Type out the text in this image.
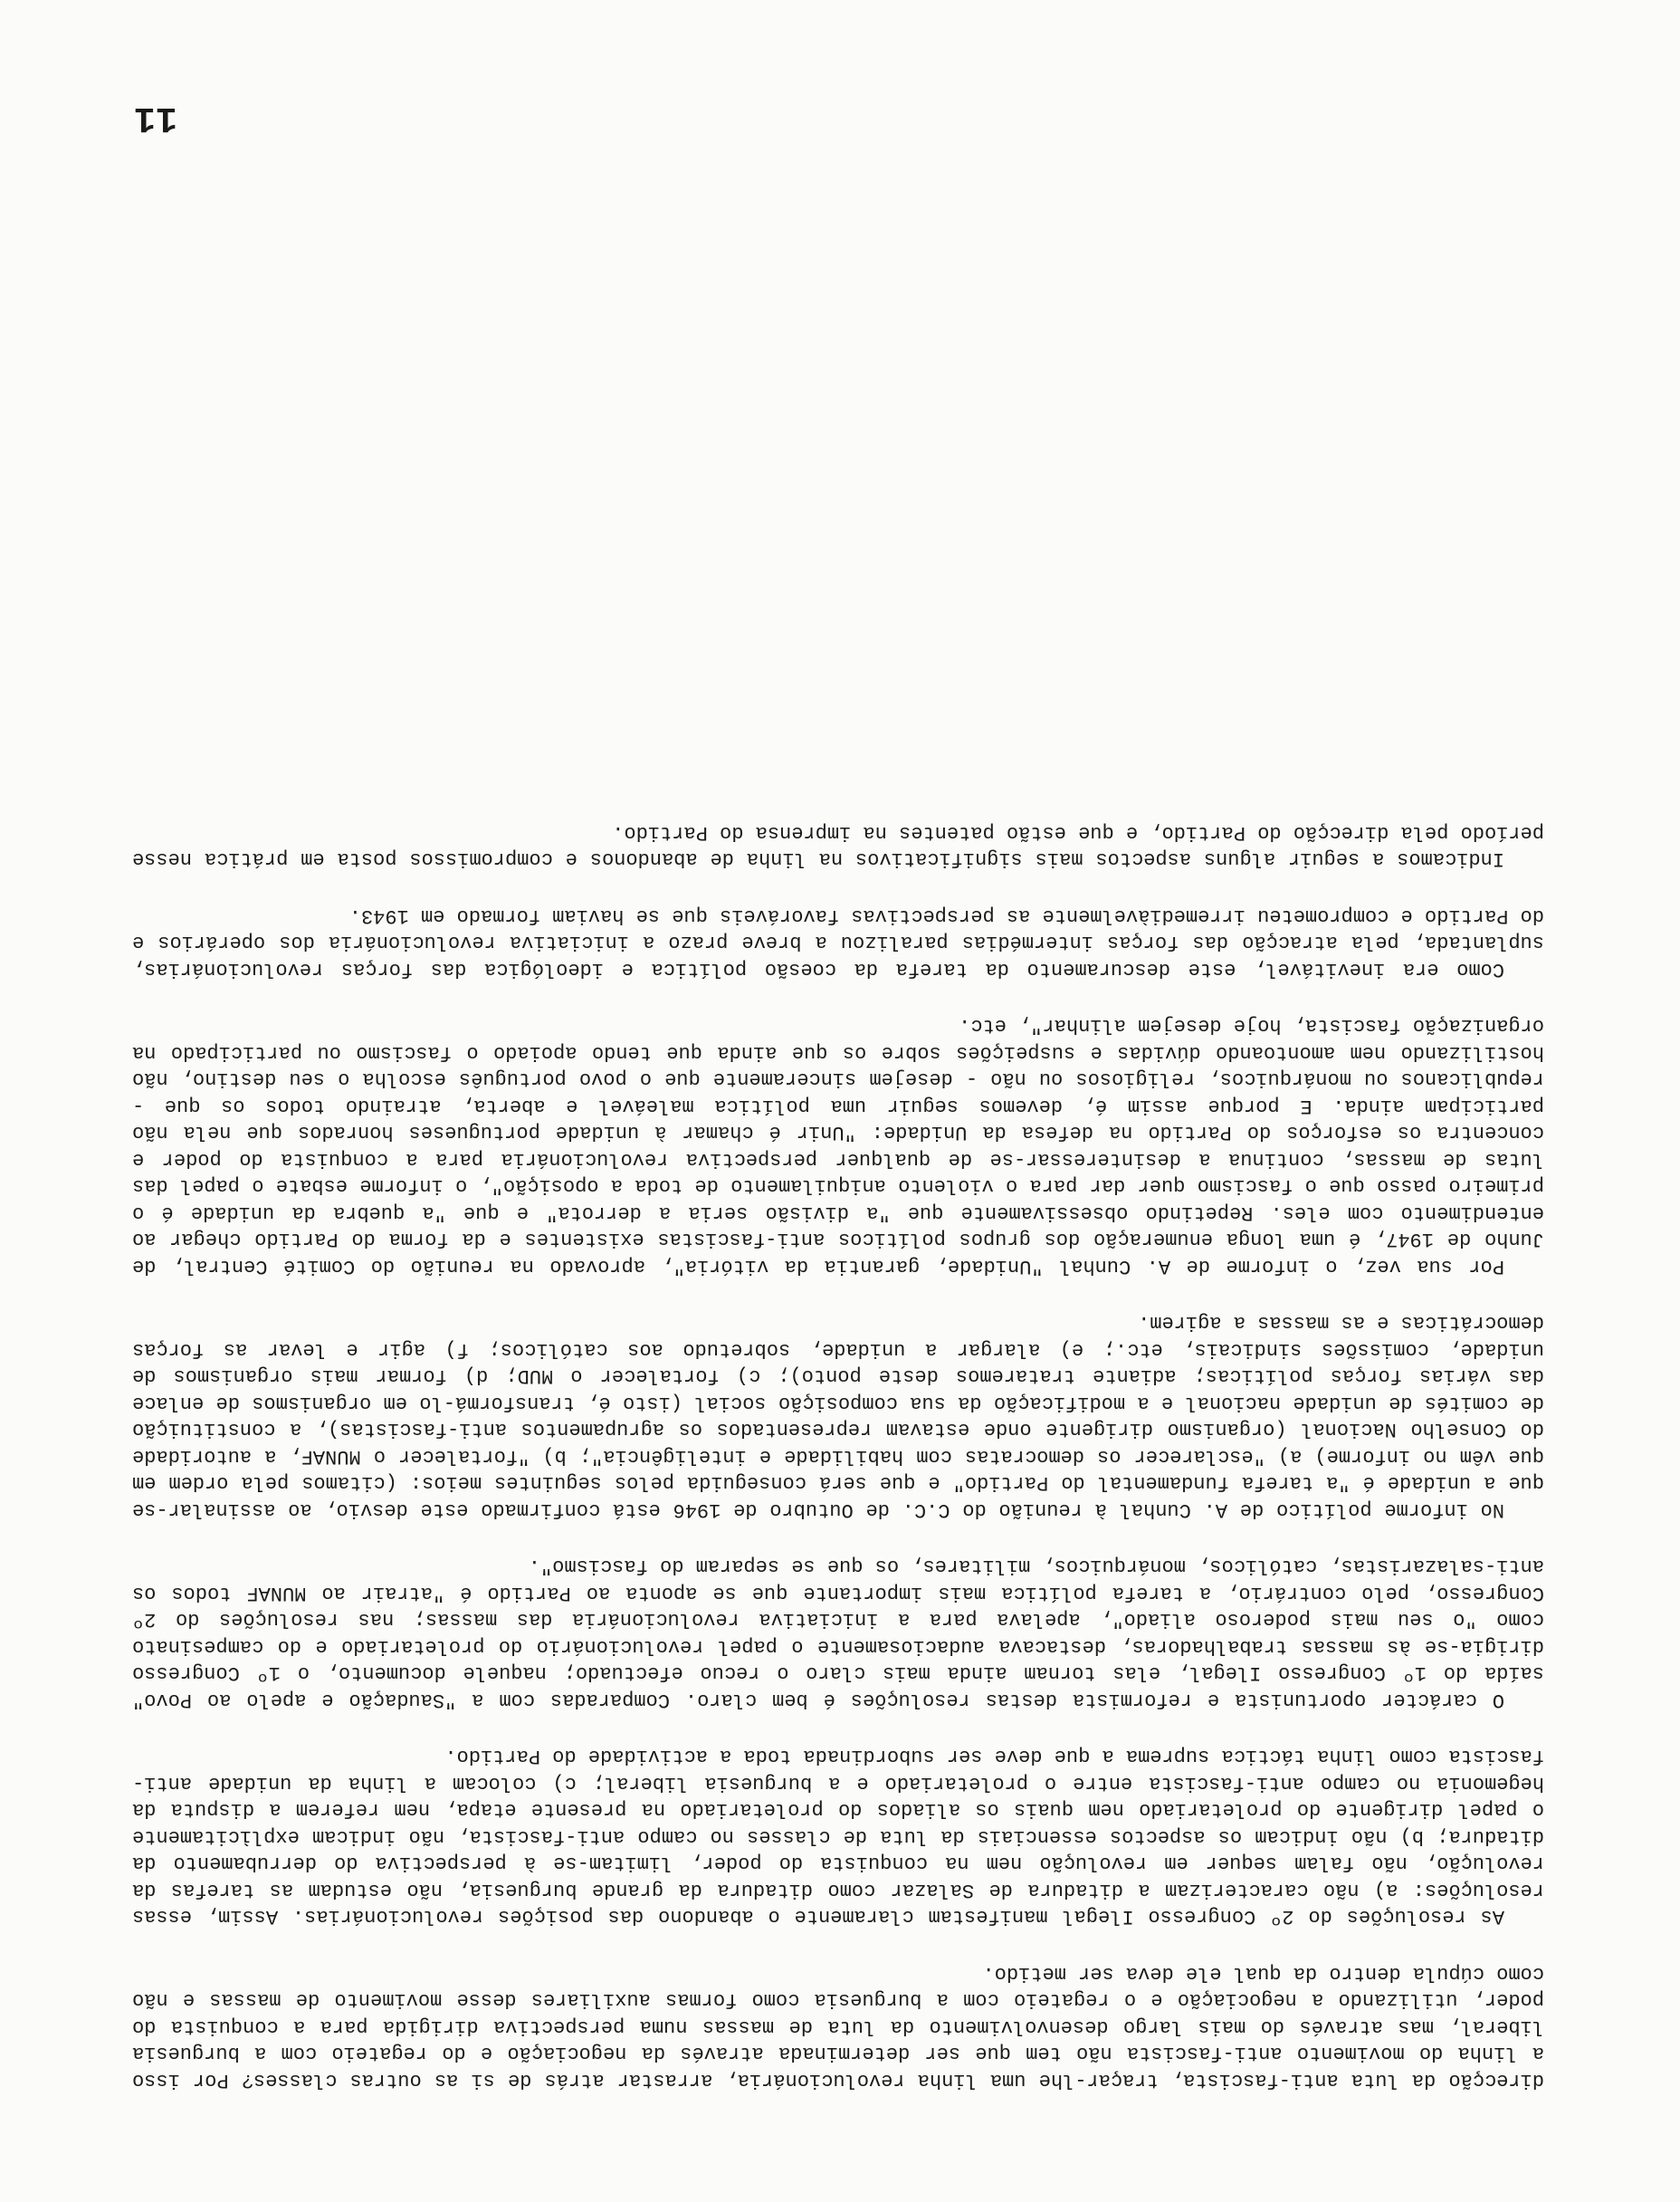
11

direcção da luta anti-fascista, traçar-lhe uma linha revolucionária, arrastar atrás de si as outras classes? Por isso a linha do movimento anti-fascista não tem que ser determinada através da negociação e do regateio com a burguesia liberal, mas através do mais largo desenvolvimento da luta de massas numa perspectiva dirigida para a conquista do poder, utilizando a negociação e o regateio com a burguesia como formas auxiliares desse movimento de massas e não como cúpula dentro da qual ele deva ser metido.

As resoluções do 2º Congresso Ilegal manifestam claramente o abandono das posições revolucionárias. Assim, essas resoluções: a) não caracterizam a ditadura de Salazar como ditadura da grande burguesia, não estudam as tarefas da revolução, não falam sequer em revolução nem na conquista do poder, limitam-se à perspectiva do derrubamento da ditadura; b) não indicam os aspectos essenciais da luta de classes no campo anti-fascista, não indicam explìcitamente o papel dirigente do proletariado nem quais os aliados do proletariado na presente etapa, nem referem a disputa da hegemonia no campo anti-fascista entre o proletariado e a burguesia liberal; c) colocam a linha da unidade anti-fascista como linha táctica suprema a que deve ser subordinada toda a actividade do Partido.

O carácter oportunista e reformista destas resoluções é bem claro. Comparadas com a "Saudação e apelo ao Povo" saída do 1º Congresso Ilegal, elas tornam ainda mais claro o recuo efectuado; naquele documento, o 1º Congresso dirigia-se às massas trabalhadoras, destacava audaciosamente o papel revolucionário do proletariado e do campesinato como "o seu mais poderoso aliado", apelava para a iniciativa revolucionária das massas; nas resoluções do 2º Congresso, pelo contrário, a tarefa política mais importante que se aponta ao Partido é "atrair ao MUNAF todos os anti-salazaristas, católicos, monárquicos, militares, os que se separam do fascismo".

No informe político de A. Cunhal à reunião do C.C. de Outubro de 1946 está confirmado este desvio, ao assinalar-se que a unidade é "a tarefa fundamental do Partido" e que será conseguida pelos seguintes meios: (citamos pela ordem em que vêm no informe) a) "esclarecer os democratas com habilidade e inteligência"; b) "fortalecer o MUNAF, a autoridade do Conselho Nacional (organismo dirigente onde estavam representados os agrupamentos anti-fascistas), a constituição de comités de unidade nacional e a modificação da sua composição social (isto é, transformá-lo em organismos de enlace das várias forças políticas; adiante trataremos deste ponto); c) fortalecer o MUD; d) formar mais organismos de unidade, comissões sindicais, etc.; e) alargar a unidade, sobretudo aos católicos; f) agir e levar as forças democráticas e as massas a agirem.

Por sua vez, o informe de A. Cunhal "Unidade, garantia da vitória", aprovado na reunião do Comité Central, de Junho de 1947, é uma longa enumeração dos grupos políticos anti-fascistas existentes e da forma do Partido chegar ao entendimento com eles. Repetindo obsessivamente que "a divisão seria a derrota" e que "a quebra da unidade é o primeiro passo que o fascismo quer dar para o violento aniquilamento de toda a oposição", o informe esbate o papel das lutas de massas, continua a desinteressar-se de qualquer perspectiva revolucionária para a conquista do poder e concentra os esforços do Partido na defesa da Unidade: "Unir é chamar à unidade portugueses honrados que nela não participam ainda. E porque assim é, devemos seguir uma política maleável e aberta, atraindo todos os que - republicanos ou monárquicos, religiosos ou não - desejem sinceramente que o povo português escolha o seu destino, não hostilizando nem amontoando dúvidas e suspeições sobre os que ainda que tendo apoiado o fascismo ou participado na organização fascista, hoje desejem alinhar", etc.

Como era inevitável, este descuramento da tarefa da coesão política e ideológica das forças revolucionárias, suplantada, pela atracção das forças intermédias paralizou a breve prazo a iniciativa revolucionária dos operários e do Partido e comprometeu irremediàvelmente as perspectivas favoráveis que se haviam formado em 1943.

Indicamos a seguir alguns aspectos mais significativos na linha de abandonos e compromissos posta em prática nesse período pela direcção do Partido, e que estão patentes na imprensa do Partido.
